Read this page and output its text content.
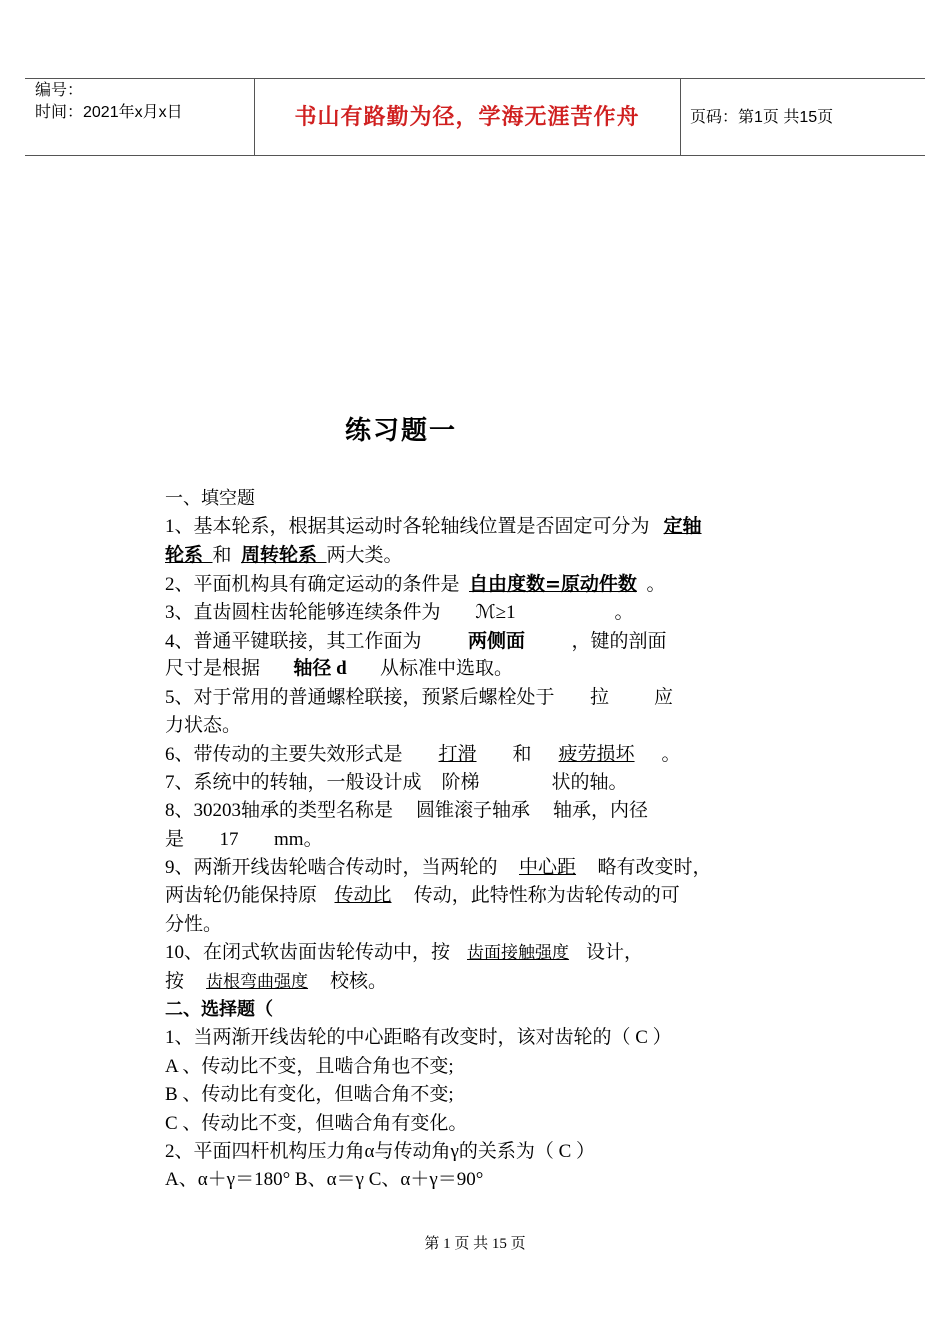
编号：
时间：2021年x月x日	书山有路勤为径，学海无涯苦作舟	页码：第1页 共15页
练习题一
一、填空题
1、基本轮系，根据其运动时各轮轴线位置是否固定可分为 定轴
轮系 和 周转轮系 两大类。
2、平面机构具有确定运动的条件是 自由度数=原动件数 。
3、直齿圆柱齿轮能够连续条件为 ℳ≥1	。
4、普通平键联接，其工作面为 两侧面 ，键的剖面
尺寸是根据 轴径 d 从标准中选取。
5、对于常用的普通螺栓联接，预紧后螺栓处于 拉 应
力状态。
6、带传动的主要失效形式是 打滑 和 疲劳损坏 。
7、系统中的转轴，一般设计成 阶梯	状的轴。
8、30203轴承的类型名称是 圆锥滚子轴承 轴承，内径
是 17 mm。
9、两渐开线齿轮啮合传动时，当两轮的 中心距 略有改变时，
两齿轮仍能保持原 传动比 传动，此特性称为齿轮传动的可
分性。
10、在闭式软齿面齿轮传动中，按 齿面接触强度 设计，
按 齿根弯曲强度 校核。
二、选择题（
1、当两渐开线齿轮的中心距略有改变时，该对齿轮的（ C ）
A 、传动比不变，且啮合角也不变;
B 、传动比有变化，但啮合角不变;
C 、传动比不变，但啮合角有变化。
2、平面四杆机构压力角α与传动角γ的关系为（ C ）
A、α＋γ＝180° B、α＝γ C、α＋γ＝90°
第 1 页 共 15 页
